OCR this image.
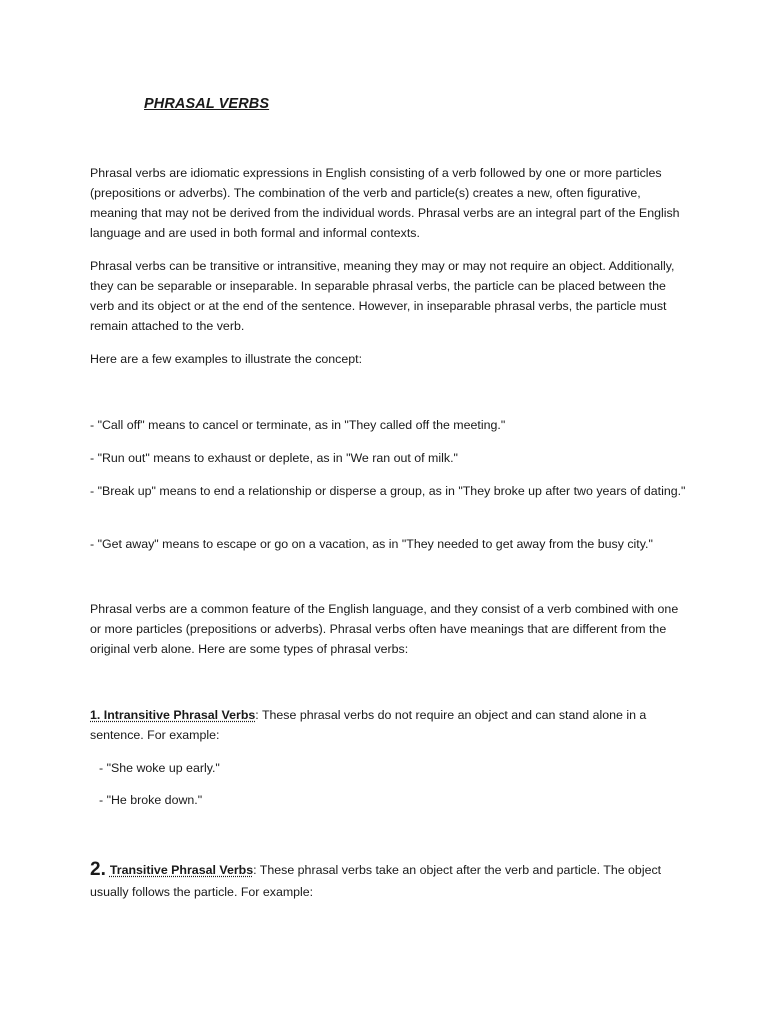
PHRASAL VERBS

Phrasal verbs are idiomatic expressions in English consisting of a verb followed by one or more particles (prepositions or adverbs). The combination of the verb and particle(s) creates a new, often figurative, meaning that may not be derived from the individual words. Phrasal verbs are an integral part of the English language and are used in both formal and informal contexts.

Phrasal verbs can be transitive or intransitive, meaning they may or may not require an object. Additionally, they can be separable or inseparable. In separable phrasal verbs, the particle can be placed between the verb and its object or at the end of the sentence. However, in inseparable phrasal verbs, the particle must remain attached to the verb.

Here are a few examples to illustrate the concept:

- "Call off" means to cancel or terminate, as in "They called off the meeting."

- "Run out" means to exhaust or deplete, as in "We ran out of milk."

- "Break up" means to end a relationship or disperse a group, as in "They broke up after two years of dating."

- "Get away" means to escape or go on a vacation, as in "They needed to get away from the busy city."

Phrasal verbs are a common feature of the English language, and they consist of a verb combined with one or more particles (prepositions or adverbs). Phrasal verbs often have meanings that are different from the original verb alone. Here are some types of phrasal verbs:

1. Intransitive Phrasal Verbs: These phrasal verbs do not require an object and can stand alone in a sentence. For example:

- "She woke up early."

- "He broke down."

2. Transitive Phrasal Verbs: These phrasal verbs take an object after the verb and particle. The object usually follows the particle. For example:
